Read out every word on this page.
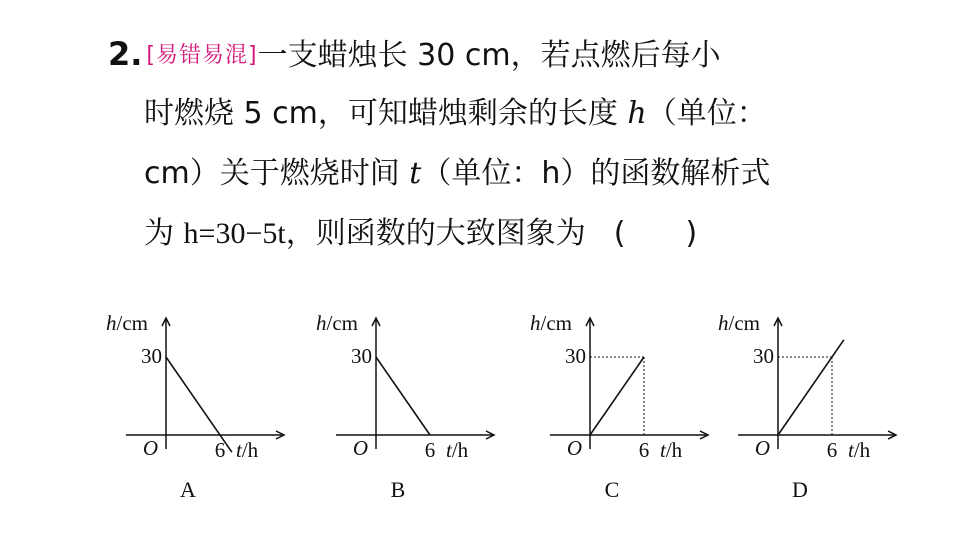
2. [易错易混]一支蜡烛长 30 cm，若点燃后每小
时燃烧 5 cm，可知蜡烛剩余的长度 h（单位：
cm）关于燃烧时间 t（单位：h）的函数解析式
为 h=30−5t，则函数的大致图象为 ()
h/cm
30
O	6 t/h
A
h/cm
30
O	6 t/h
B
h/cm
30
O	6 t/h
C
h/cm
30
O	6 t/h
D
